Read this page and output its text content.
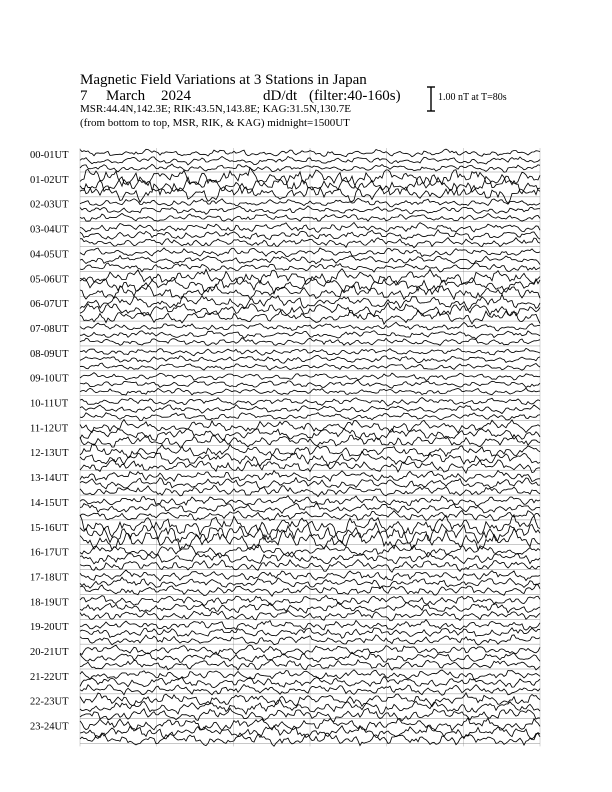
Magnetic Field Variations at 3 Stations in Japan
7 March 2024	dD/dt (filter:40-160s)
MSR:44.4N,142.3E; RIK:43.5N,143.8E; KAG:31.5N,130.7E
(from bottom to top, MSR, RIK, & KAG) midnight=1500UT
1.00 nT at T=80s
00-01UT
01-02UT
02-03UT
03-04UT
04-05UT
05-06UT
06-07UT
07-08UT
08-09UT
09-10UT
10-11UT
11-12UT
12-13UT
13-14UT
14-15UT
15-16UT
16-17UT
17-18UT
18-19UT
19-20UT
20-21UT
21-22UT
22-23UT
23-24UT
